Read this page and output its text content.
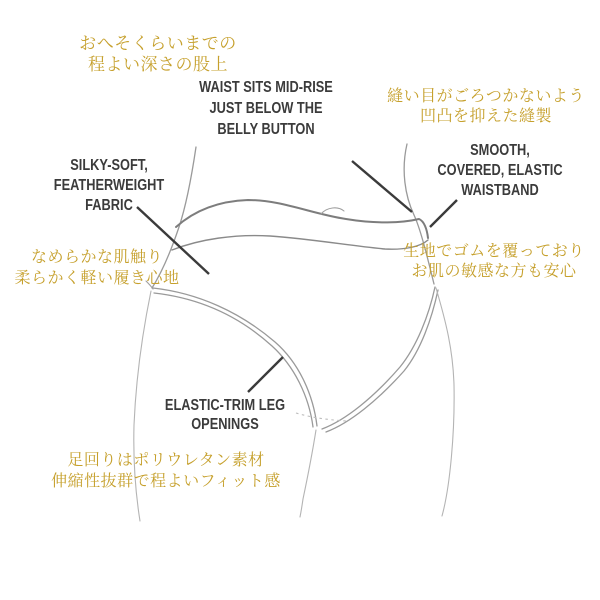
おへそくらいまでの
程よい深さの股上
WAIST SITS MID-RISE
JUST BELOW THE
BELLY BUTTON
縫い目がごろつかないよう
凹凸を抑えた縫製
SMOOTH,
COVERED, ELASTIC
WAISTBAND
SILKY-SOFT,
FEATHERWEIGHT
FABRIC
なめらかな肌触り
柔らかく軽い履き心地
生地でゴムを覆っており
お肌の敏感な方も安心
ELASTIC-TRIM LEG
OPENINGS
足回りはポリウレタン素材
伸縮性抜群で程よいフィット感
